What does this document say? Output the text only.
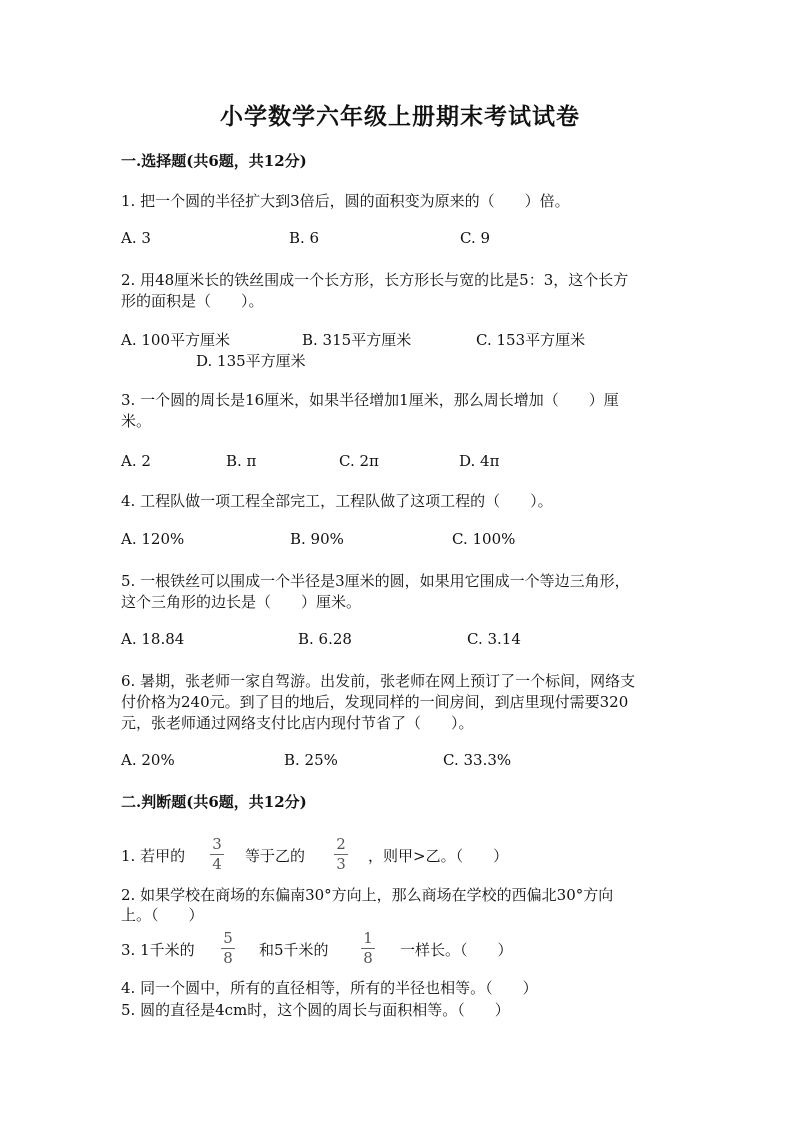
小学数学六年级上册期末考试试卷
一.选择题(共6题，共12分)
1. 把一个圆的半径扩大到3倍后，圆的面积变为原来的（　　）倍。
A. 3	B. 6	C. 9
2. 用48厘米长的铁丝围成一个长方形，长方形长与宽的比是5：3，这个长方
形的面积是（　　）。
A. 100平方厘米	B. 315平方厘米	C. 153平方厘米
D. 135平方厘米
3. 一个圆的周长是16厘米，如果半径增加1厘米，那么周长增加（　　）厘
米。
A. 2	B. π	C. 2π	D. 4π
4. 工程队做一项工程全部完工，工程队做了这项工程的（　　）。
A. 120%	B. 90%	C. 100%
5. 一根铁丝可以围成一个半径是3厘米的圆，如果用它围成一个等边三角形，
这个三角形的边长是（　　）厘米。
A. 18.84	B. 6.28	C. 3.14
6. 暑期，张老师一家自驾游。出发前，张老师在网上预订了一个标间，网络支
付价格为240元。到了目的地后，发现同样的一间房间，到店里现付需要320
元，张老师通过网络支付比店内现付节省了（　　）。
A. 20%	B. 25%	C. 33.3%
二.判断题(共6题，共12分)
1. 若甲的
3
4	等于乙的
2
3	，则甲>乙。（　　）
2. 如果学校在商场的东偏南30°方向上，那么商场在学校的西偏北30°方向
上。（　　）
3. 1千米的
5
8	和5千米的
1
8	一样长。（　　）
4. 同一个圆中，所有的直径相等，所有的半径也相等。（　　）
5. 圆的直径是4cm时，这个圆的周长与面积相等。（　　）
